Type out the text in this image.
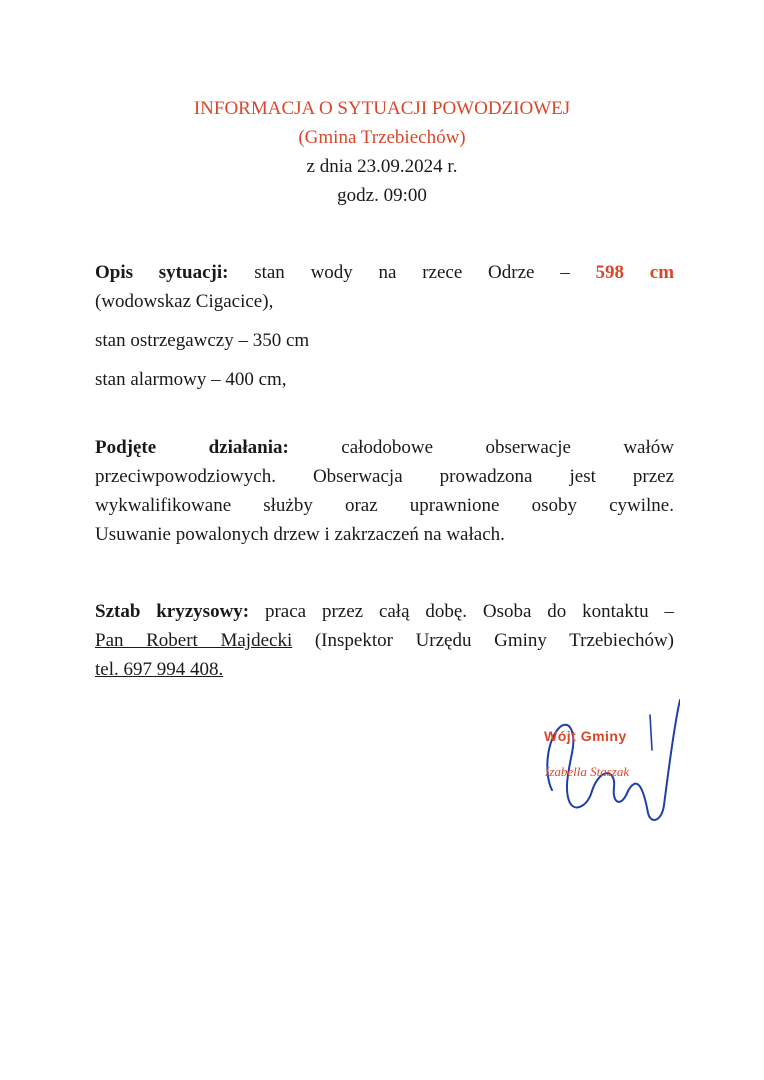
INFORMACJA O SYTUACJI POWODZIOWEJ
(Gmina Trzebiechów)
z dnia 23.09.2024 r.
godz. 09:00
Opis sytuacji: stan wody na rzece Odrze – 598 cm
(wodowskaz Cigacice),
stan ostrzegawczy – 350 cm
stan alarmowy – 400 cm,
Podjęte działania:	całodobowe obserwacje wałów
przeciwpowodziowych. Obserwacja prowadzona jest przez
wykwalifikowane służby oraz uprawnione osoby cywilne.
Usuwanie powalonych drzew i zakrzaczeń na wałach.
Sztab kryzysowy: praca przez całą dobę. Osoba do kontaktu –
Pan Robert Majdecki (Inspektor Urzędu Gminy Trzebiechów)
tel. 697 994 408.
Wójt Gminy
Izabella Staszak
